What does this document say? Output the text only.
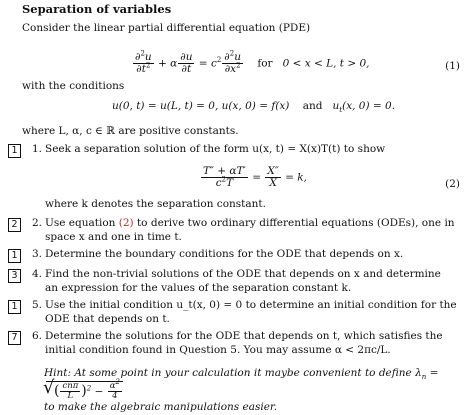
Separation of variables
Consider the linear partial differential equation (PDE)
$\frac{\partial^2u}{\partial t^2} + \alpha \frac{\partial u}{\partial t} = c^2 \frac{\partial^2u}{\partial x^2}$ for 0 < x < L, t > 0,	(1)
with the conditions
u(0, t) = u(L, t) = 0, u(x, 0) = f(x) and $u_t(x$, 0) = 0.
where L, α, c ∈ ℝ are positive constants.
1	1. Seek a separation solution of the form u(x, t) = X(x)T(t) to show
$\frac{T'' + \alpha T'}{c^2T} = \frac{X''}{X} = k$,
(2)
where k denotes the separation constant.
2	2. Use equation (2) to derive two ordinary differential equations (ODEs), one in space x and one in time t.
1	3. Determine the boundary conditions for the ODE that depends on x.
3	4. Find the non-trivial solutions of the ODE that depends on x and determine an expression for the values of the separation constant k.
1	5. Use the initial condition u_t(x, 0) = 0 to determine an initial condition for the ODE that depends on t.
7	6. Determine the solutions for the ODE that depends on t, which satisfies the initial condition found in Question 5. You may assume α < 2πc/L.
Hint: At some point in your calculation it maybe convenient to define $\lambda_n$ = √ ( $\frac{\text{cnπ}}{L} )^2 - \frac{\alpha^2}{4}$

to make the algebraic manipulations easier.
